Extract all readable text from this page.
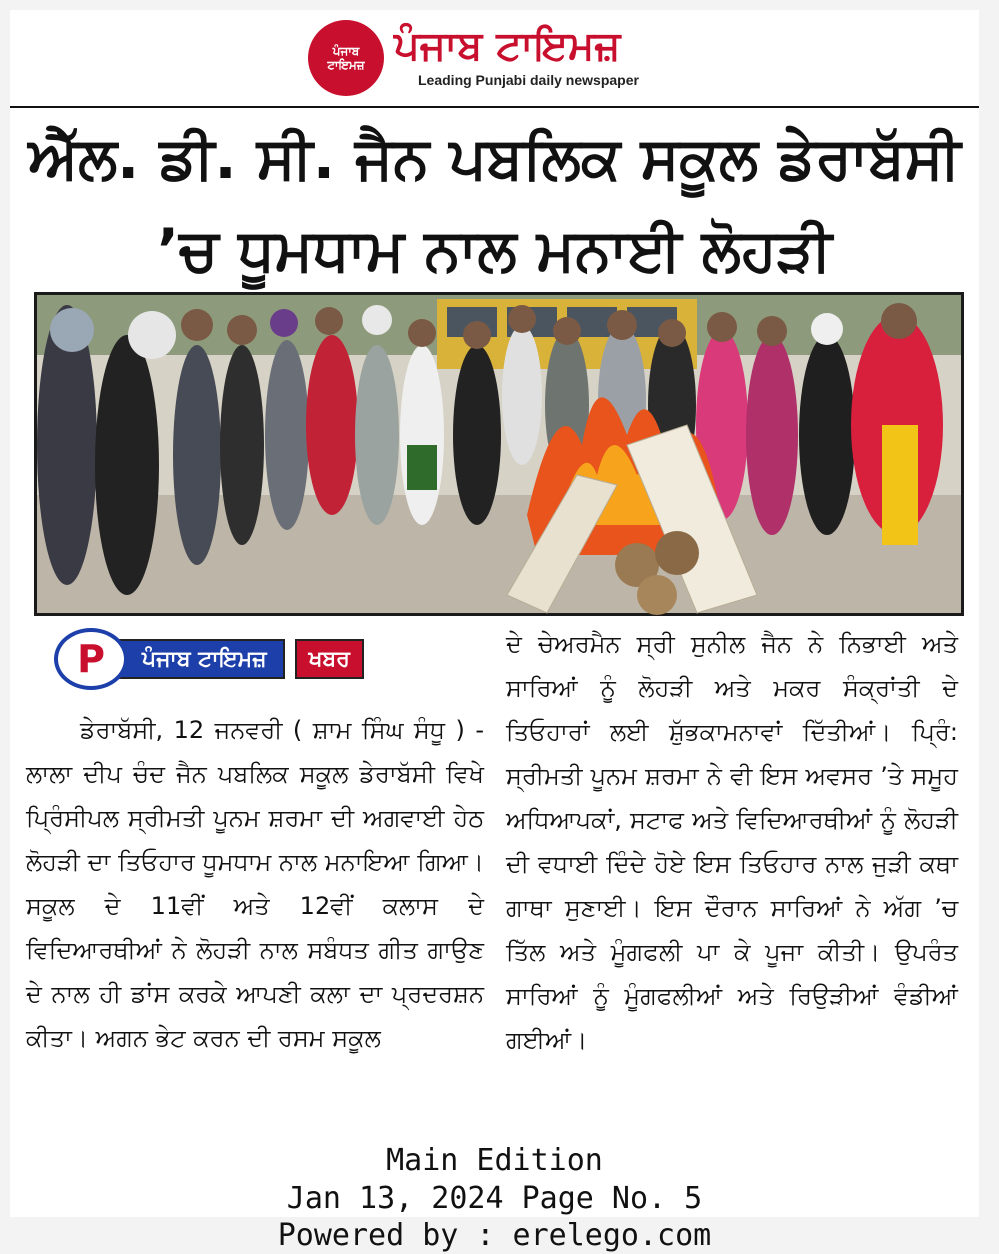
ਪੰਜਾਬ
ਟਾਇਮਜ਼ ਪੰਜਾਬ ਟਾਇਮਜ਼
Leading Punjabi daily newspaper
ਐੱਲ. ਡੀ. ਸੀ. ਜੈਨ ਪਬਲਿਕ ਸਕੂਲ ਡੇਰਾਬੱਸੀ
’ਚ ਧੂਮਧਾਮ ਨਾਲ ਮਨਾਈ ਲੋਹੜੀ
P	ਪੰਜਾਬ ਟਾਇਮਜ਼	ਖਬਰ

ਡੇਰਾਬੱਸੀ, 12 ਜਨਵਰੀ ( ਸ਼ਾਮ ਸਿੰਘ ਸੰਧੂ ) - ਲਾਲਾ ਦੀਪ ਚੰਦ ਜੈਨ ਪਬਲਿਕ ਸਕੂਲ ਡੇਰਾਬੱਸੀ ਵਿਖੇ ਪ੍ਰਿੰਸੀਪਲ ਸ੍ਰੀਮਤੀ ਪੂਨਮ ਸ਼ਰਮਾ ਦੀ ਅਗਵਾਈ ਹੇਠ ਲੋਹੜੀ ਦਾ ਤਿਓਹਾਰ ਧੂਮਧਾਮ ਨਾਲ ਮਨਾਇਆ ਗਿਆ। ਸਕੂਲ ਦੇ 11ਵੀਂ ਅਤੇ 12ਵੀਂ ਕਲਾਸ ਦੇ ਵਿਦਿਆਰਥੀਆਂ ਨੇ ਲੋਹੜੀ ਨਾਲ ਸਬੰਧਤ ਗੀਤ ਗਾਉਣ ਦੇ ਨਾਲ ਹੀ ਡਾਂਸ ਕਰਕੇ ਆਪਣੀ ਕਲਾ ਦਾ ਪ੍ਰਦਰਸ਼ਨ ਕੀਤਾ। ਅਗਨ ਭੇਟ ਕਰਨ ਦੀ ਰਸਮ ਸਕੂਲ

ਦੇ ਚੇਅਰਮੈਨ ਸ੍ਰੀ ਸੁਨੀਲ ਜੈਨ ਨੇ ਨਿਭਾਈ ਅਤੇ ਸਾਰਿਆਂ ਨੂੰ ਲੋਹੜੀ ਅਤੇ ਮਕਰ ਸੰਕ੍ਰਾਂਤੀ ਦੇ ਤਿਓਹਾਰਾਂ ਲਈ ਸ਼ੁੱਭਕਾਮਨਾਵਾਂ ਦਿੱਤੀਆਂ। ਪ੍ਰਿੰ: ਸ੍ਰੀਮਤੀ ਪੂਨਮ ਸ਼ਰਮਾ ਨੇ ਵੀ ਇਸ ਅਵਸਰ ’ਤੇ ਸਮੂਹ ਅਧਿਆਪਕਾਂ, ਸਟਾਫ ਅਤੇ ਵਿਦਿਆਰਥੀਆਂ ਨੂੰ ਲੋਹੜੀ ਦੀ ਵਧਾਈ ਦਿੰਦੇ ਹੋਏ ਇਸ ਤਿਓਹਾਰ ਨਾਲ ਜੁੜੀ ਕਥਾ ਗਾਥਾ ਸੁਣਾਈ। ਇਸ ਦੌਰਾਨ ਸਾਰਿਆਂ ਨੇ ਅੱਗ ’ਚ ਤਿੱਲ ਅਤੇ ਮੂੰਗਫਲੀ ਪਾ ਕੇ ਪੂਜਾ ਕੀਤੀ। ਉਪਰੰਤ ਸਾਰਿਆਂ ਨੂੰ ਮੂੰਗਫਲੀਆਂ ਅਤੇ ਰਿਉੜੀਆਂ ਵੰਡੀਆਂ ਗਈਆਂ।

Main Edition
Jan 13, 2024 Page No. 5
Powered by : erelego.com
